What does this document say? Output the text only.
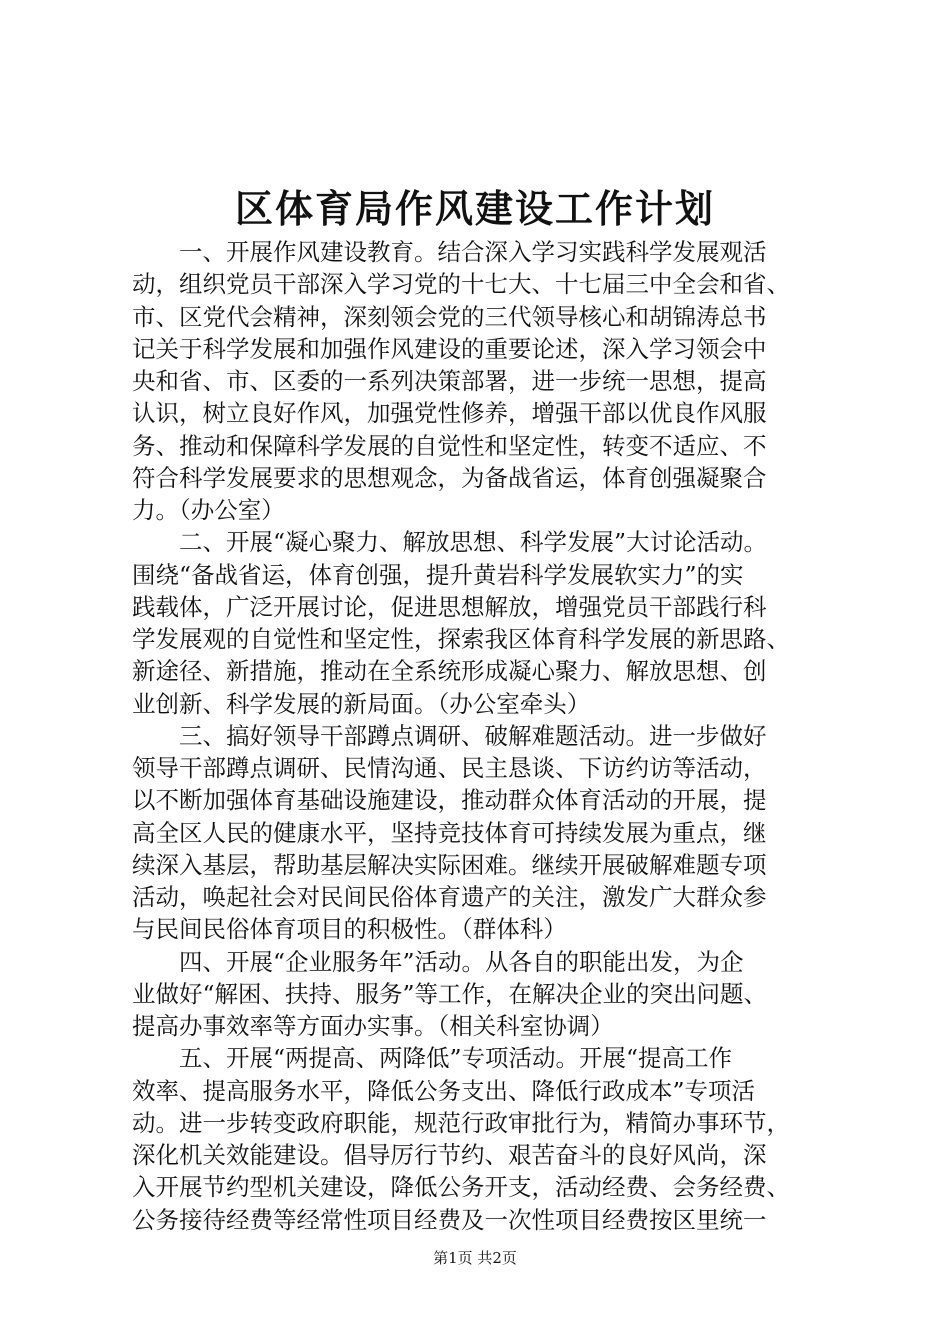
区体育局作风建设工作计划
一、开展作风建设教育。结合深入学习实践科学发展观活
动，组织党员干部深入学习党的十七大、十七届三中全会和省、
市、区党代会精神，深刻领会党的三代领导核心和胡锦涛总书
记关于科学发展和加强作风建设的重要论述，深入学习领会中
央和省、市、区委的一系列决策部署，进一步统一思想，提高
认识，树立良好作风，加强党性修养，增强干部以优良作风服
务、推动和保障科学发展的自觉性和坚定性，转变不适应、不
符合科学发展要求的思想观念，为备战省运，体育创强凝聚合
力。（办公室）
二、开展“凝心聚力、解放思想、科学发展”大讨论活动。
围绕“备战省运，体育创强，提升黄岩科学发展软实力”的实
践载体，广泛开展讨论，促进思想解放，增强党员干部践行科
学发展观的自觉性和坚定性，探索我区体育科学发展的新思路、
新途径、新措施，推动在全系统形成凝心聚力、解放思想、创
业创新、科学发展的新局面。（办公室牵头）
三、搞好领导干部蹲点调研、破解难题活动。进一步做好
领导干部蹲点调研、民情沟通、民主恳谈、下访约访等活动，
以不断加强体育基础设施建设，推动群众体育活动的开展，提
高全区人民的健康水平，坚持竞技体育可持续发展为重点，继
续深入基层，帮助基层解决实际困难。继续开展破解难题专项
活动，唤起社会对民间民俗体育遗产的关注，激发广大群众参
与民间民俗体育项目的积极性。（群体科）
四、开展“企业服务年”活动。从各自的职能出发，为企
业做好“解困、扶持、服务”等工作，在解决企业的突出问题、
提高办事效率等方面办实事。（相关科室协调）
五、开展“两提高、两降低”专项活动。开展“提高工作
效率、提高服务水平，降低公务支出、降低行政成本”专项活
动。进一步转变政府职能，规范行政审批行为，精简办事环节，
深化机关效能建设。倡导厉行节约、艰苦奋斗的良好风尚，深
入开展节约型机关建设，降低公务开支，活动经费、会务经费、
公务接待经费等经常性项目经费及一次性项目经费按区里统一
第1页 共2页
